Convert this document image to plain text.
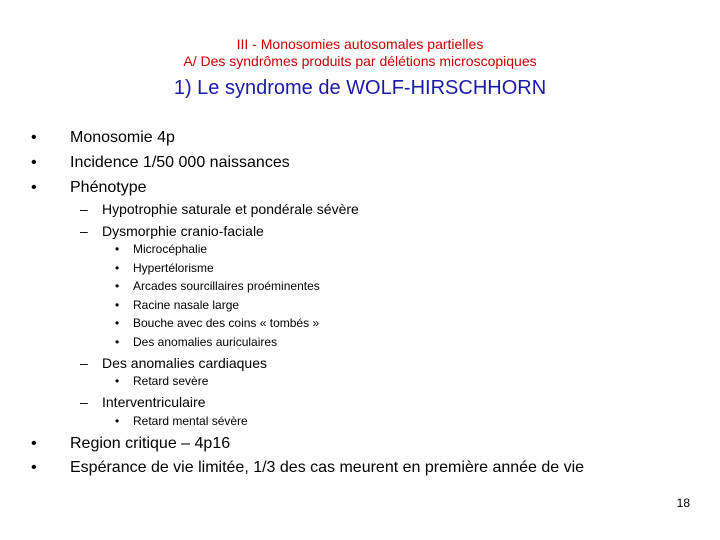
III - Monosomies autosomales partielles
A/ Des syndrômes produits par délétions microscopiques
1) Le syndrome de WOLF-HIRSCHHORN
• Monosomie 4p
• Incidence 1/50 000 naissances
• Phénotype
– Hypotrophie saturale et pondérale sévère
– Dysmorphie cranio-faciale
• Microcéphalie
• Hypertélorisme
• Arcades sourcillaires proéminentes
• Racine nasale large
• Bouche avec des coins « tombés »
• Des anomalies auriculaires
– Des anomalies cardiaques
• Retard sevère
– Interventriculaire
• Retard mental sévère
• Region critique – 4p16
• Espérance de vie limitée, 1/3 des cas meurent en première année de vie
18
